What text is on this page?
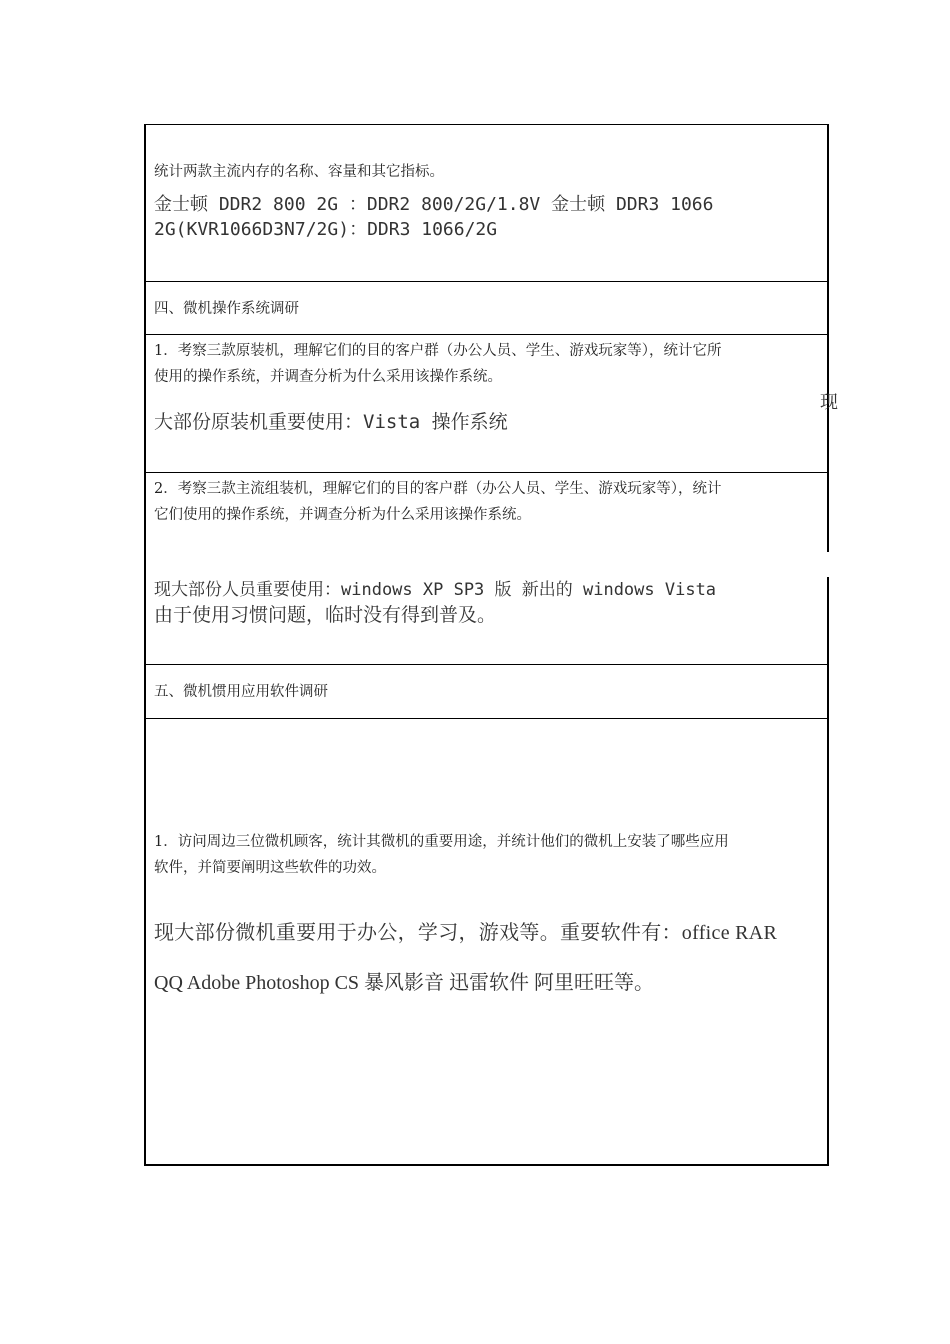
统计两款主流内存的名称、容量和其它指标。
金士顿 DDR2 800 2G ：DDR2 800/2G/1.8V 金士顿 DDR3 1066
2G(KVR1066D3N7/2G)：DDR3 1066/2G
四、微机操作系统调研
1．考察三款原装机，理解它们的目的客户群（办公人员、学生、游戏玩家等），统计它所
使用的操作系统，并调查分析为什么采用该操作系统。
大部份原装机重要使用：Vista 操作系统
现
2．考察三款主流组装机，理解它们的目的客户群（办公人员、学生、游戏玩家等），统计
它们使用的操作系统，并调查分析为什么采用该操作系统。
现大部份人员重要使用：windows XP SP3 版 新出的 windows Vista
由于使用习惯问题，临时没有得到普及。
五、微机惯用应用软件调研
1．访问周边三位微机顾客，统计其微机的重要用途，并统计他们的微机上安装了哪些应用
软件，并简要阐明这些软件的功效。
现大部份微机重要用于办公，学习，游戏等。重要软件有：office RAR
QQ Adobe Photoshop CS 暴风影音 迅雷软件 阿里旺旺等。
